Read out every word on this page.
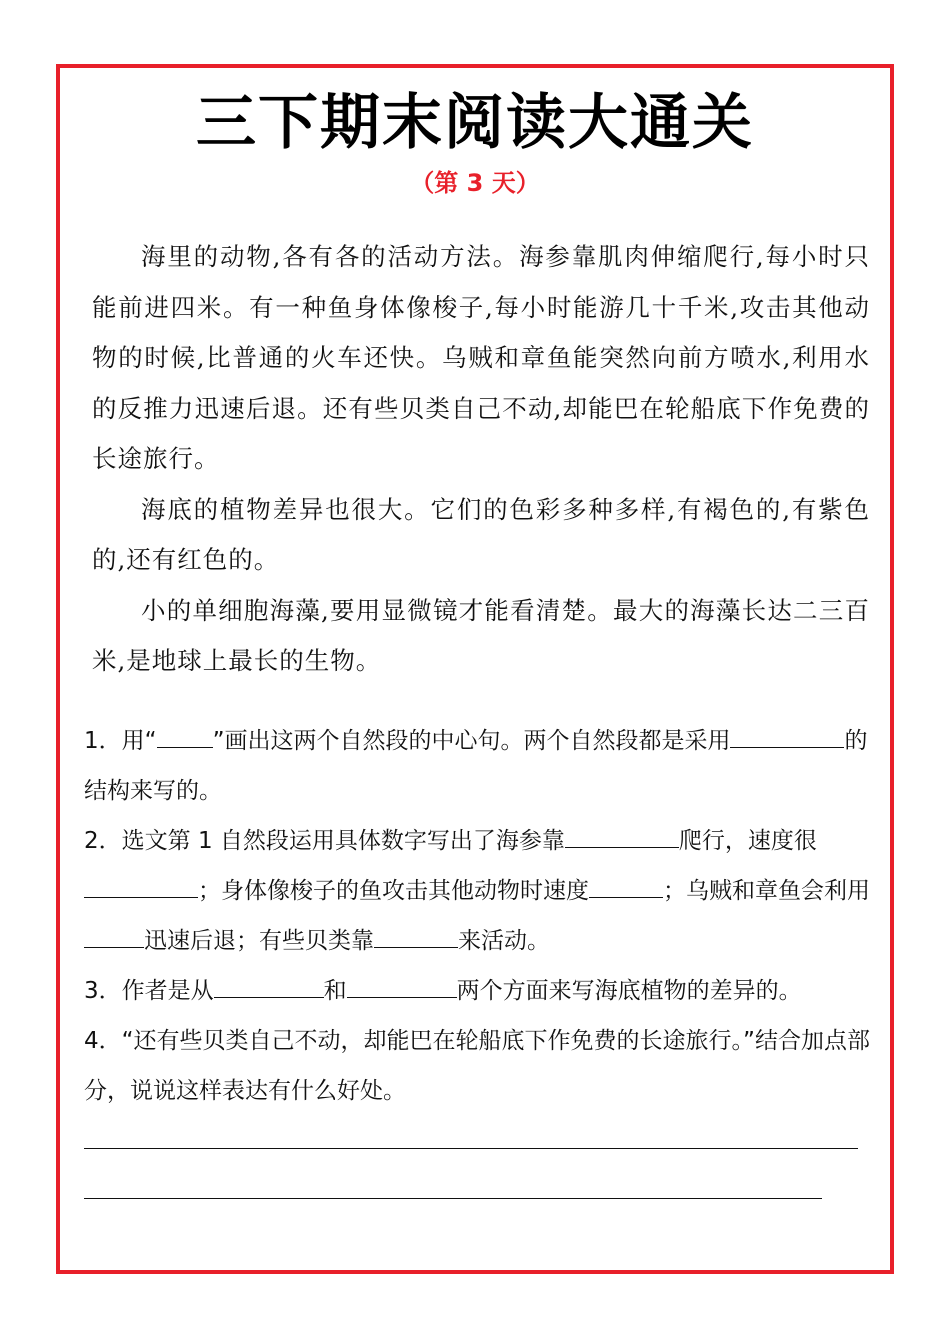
三下期末阅读大通关
（第 3 天）

海里的动物,各有各的活动方法。海参靠肌肉伸缩爬行,每小时只能前进四米。有一种鱼身体像梭子,每小时能游几十千米,攻击其他动物的时候,比普通的火车还快。乌贼和章鱼能突然向前方喷水,利用水的反推力迅速后退。还有些贝类自己不动,却能巴在轮船底下作免费的长途旅行。

海底的植物差异也很大。它们的色彩多种多样,有褐色的,有紫色的,还有红色的。

小的单细胞海藻,要用显微镜才能看清楚。最大的海藻长达二三百米,是地球上最长的生物。

1．用“ ”画出这两个自然段的中心句。两个自然段都是采用	的结构来写的。

2．选文第 1 自然段运用具体数字写出了海参靠	爬行，速度很；身体像梭子的鱼攻击其他动物时速度	；乌贼和章鱼会利用迅速后退；有些贝类靠	来活动。

3．作者是从	和	两个方面来写海底植物的差异的。

4．“还有些贝类自己不动，却能巴在轮船底下作免费的长途旅行。”结合加点部分，说说这样表达有什么好处。
